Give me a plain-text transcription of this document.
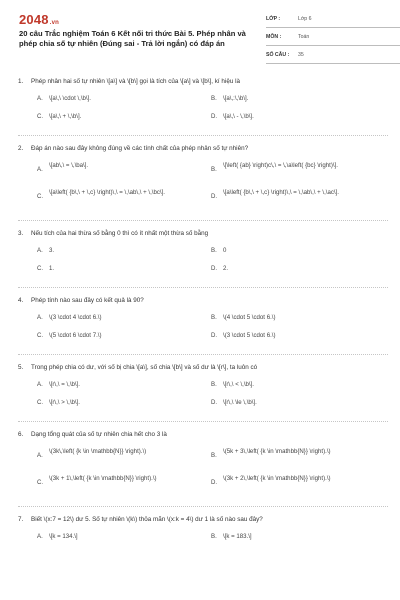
2048.vn
20 câu Trắc nghiệm Toán 6 Kết nối tri thức Bài 5. Phép nhân và phép chia số tự nhiên (Đúng sai - Trả lời ngắn) có đáp án
LỚP :	Lớp 6
MÔN :	Toán
SỐ CÂU : 35
1. Phép nhân hai số tự nhiên \[a\] và \[b\] gọi là tích của \[a\] và \[b\], kí hiệu là
A. \[a\,\ \cdot \,\b\].	B. \[a\,:\,\b\].
C. \[a\,\ + \,\b\].	D. \[a\,\ - \,\b\].
2. Đáp án nào sau đây không đúng về các tính chất của phép nhân số tự nhiên?
A.
\[ab\,\ = \,\ba\].
B.
\[\left( {ab} \right)c\,\ = \,\a\left( {bc} \right)\].
C.
\[a\left( {b\,\ + \,c} \right)\,\ = \,\ab\,\ + \,\bc\].
D.
\[a\left( {b\,\ + \,c} \right)\,\ = \,\ab\,\ + \,\ac\].
3. Nếu tích của hai thừa số bằng 0 thì có ít nhất một thừa số bằng
A. 3.	B. 0
C. 1.	D. 2.
4. Phép tính nào sau đây có kết quả là 90?
A. \(3 \cdot 4 \cdot 6.\)	B. \(4 \cdot 5 \cdot 6.\)
C. \(5 \cdot 6 \cdot 7.\)	D. \(3 \cdot 5 \cdot 6.\)
5. Trong phép chia có dư, với số bị chia \[a\], số chia \[b\] và số dư là \[r\], ta luôn có
A. \[r\,\ = \,\b\].	B. \[r\,\ < \,\b\].
C. \[r\,\ > \,\b\].	D. \[r\,\ \le \,\b\].
6. Dạng tổng quát của số tự nhiên chia hết cho 3 là
A.
\(3k\,\left( {k \in \mathbb{N}} \right).\)
B.
\(5k + 3\,\left( {k \in \mathbb{N}} \right).\)
C.
\(3k + 1\,\left( {k \in \mathbb{N}} \right).\)
D.
\(3k + 2\,\left( {k \in \mathbb{N}} \right).\)
7. Biết \(x:7 = 12\) dư 5. Số tự nhiên \(k\) thỏa mãn \(x:k = 4\) dư 1 là số nào sau đây?
A. \[k = 134.\]	B. \[k = 183.\]
